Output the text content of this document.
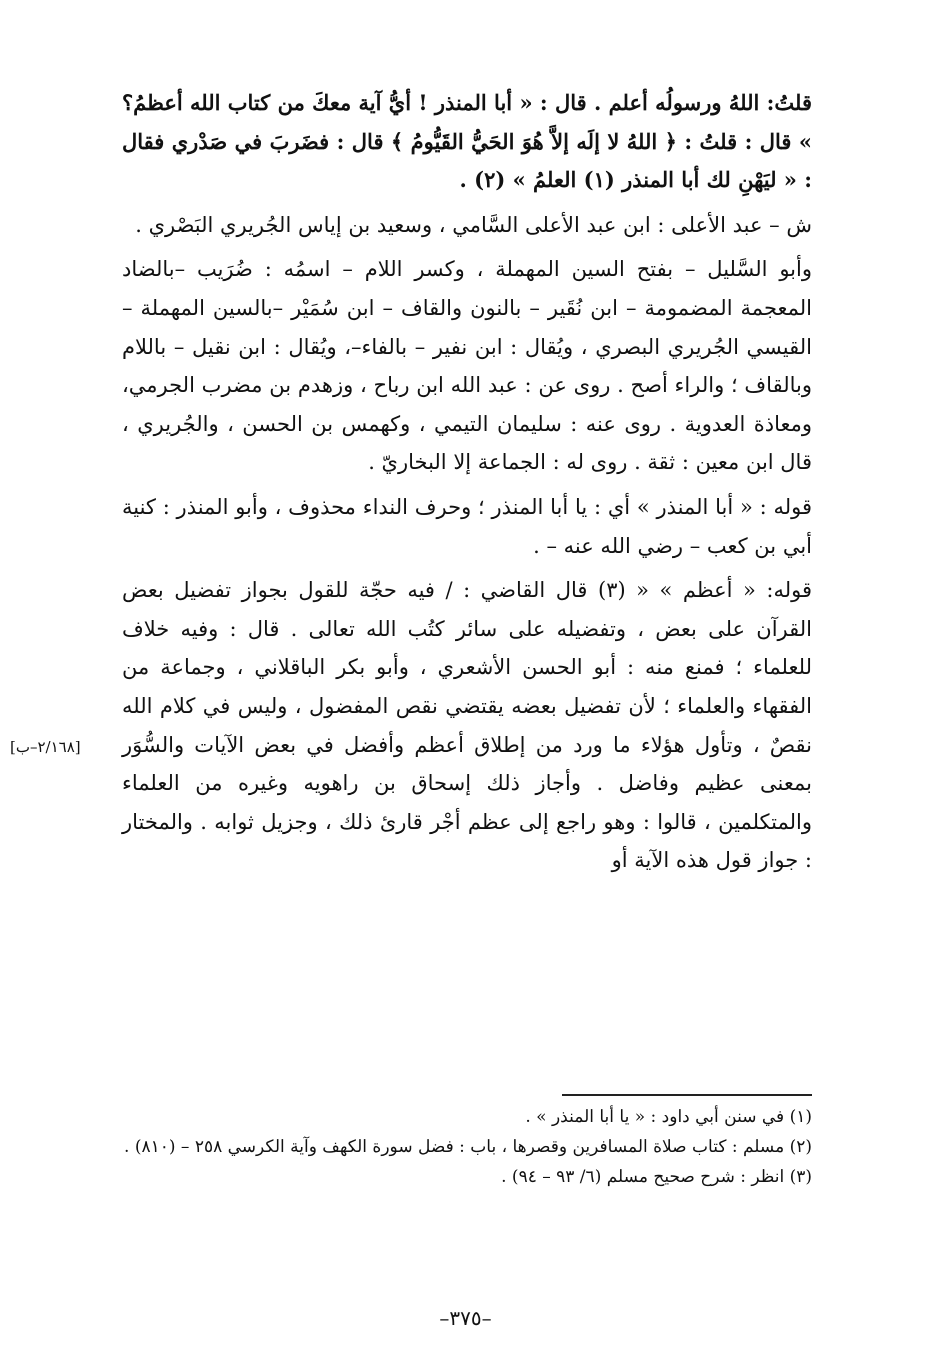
قلتُ: اللهُ ورسولُه أعلم . قال : « أبا المنذر ! أيُّ آية معكَ من كتاب الله أعظمُ؟ » قال : قلتُ : ﴿ اللهُ لا إلَه إلاَّ هُوَ الحَيُّ القَيُّومُ ﴾ قال : فضَربَ في صَدْري فقال : « ليَهْنِ لك أبا المنذر (١) العلمُ » (٢) .

ش – عبد الأعلى : ابن عبد الأعلى السَّامي ، وسعيد بن إياس الجُريري البَصْري .

وأبو السَّليل – بفتح السين المهملة ، وكسر اللام – اسمُه : ضُرَيب –بالضاد المعجمة المضمومة – ابن نُقَير – بالنون والقاف – ابن سُمَيْر –بالسين المهملة – القيسي الجُريري البصري ، ويُقال : ابن نفير – بالفاء–، ويُقال : ابن نقيل – باللام وبالقاف ؛ والراء أصح . روى عن : عبد الله ابن رباح ، وزهدم بن مضرب الجرمي، ومعاذة العدوية . روى عنه : سليمان التيمي ، وكهمس بن الحسن ، والجُريري ، قال ابن معين : ثقة . روى له : الجماعة إلا البخاريّ .

قوله : « أبا المنذر » أي : يا أبا المنذر ؛ وحرف النداء محذوف ، وأبو المنذر : كنية أبي بن كعب – رضي الله عنه – .

قوله: « أعظم » « (٣) قال القاضي : / فيه حجّة للقول بجواز تفضيل بعض القرآن على بعض ، وتفضيله على سائر كتُب الله تعالى . قال : وفيه خلاف للعلماء ؛ فمنع منه : أبو الحسن الأشعري ، وأبو بكر الباقلاني ، وجماعة من الفقهاء والعلماء ؛ لأن تفضيل بعضه يقتضي نقص المفضول ، وليس في كلام الله نقصٌ ، وتأول هؤلاء ما ورد من إطلاق أعظم وأفضل في بعض الآيات والسُّوَر بمعنى عظيم وفاضل . وأجاز ذلك إسحاق بن راهويه وغيره من العلماء والمتكلمين ، قالوا : وهو راجع إلى عظم أجْر قارئ ذلك ، وجزيل ثوابه . والمختار : جواز قول هذه الآية أو

[٢/١٦٨–ب]

(١) في سنن أبي داود : « يا أبا المنذر » .

(٢) مسلم : كتاب صلاة المسافرين وقصرها ، باب : فضل سورة الكهف وآية الكرسي ٢٥٨ – (٨١٠) .

(٣) انظر : شرح صحيح مسلم (٦/ ٩٣ – ٩٤) .

–٣٧٥–
